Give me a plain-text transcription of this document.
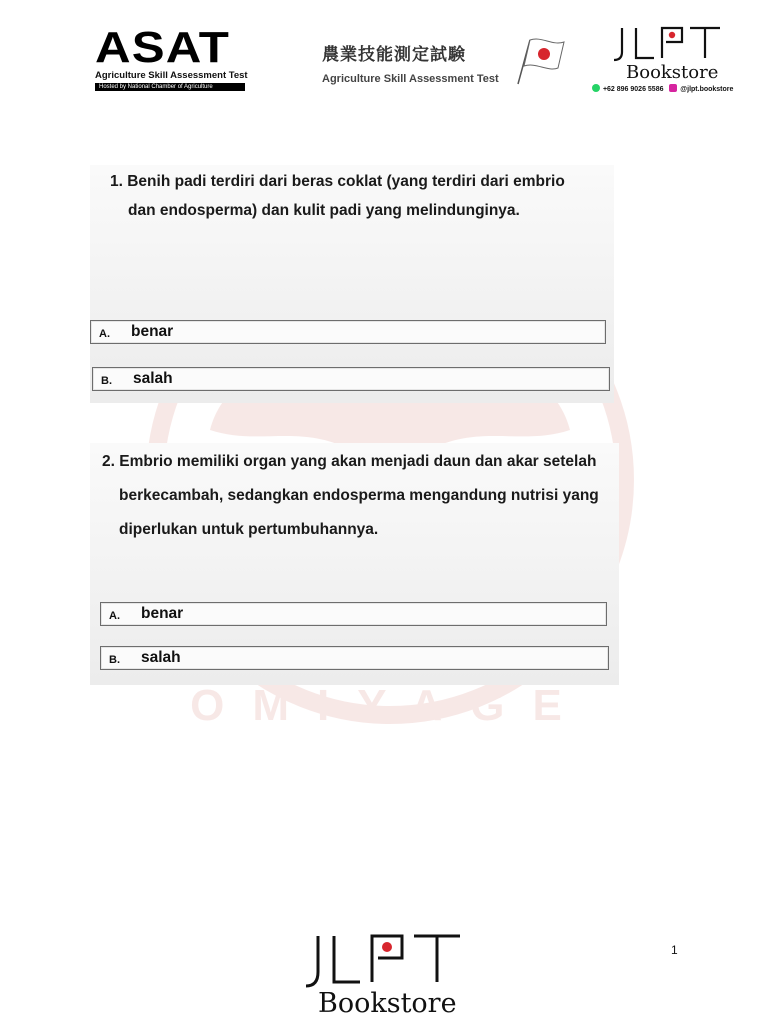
ASAT
Agriculture Skill Assessment Test
Hosted by National Chamber of Agriculture
農業技能測定試験
Agriculture Skill Assessment Test	Bookstore
+62 896 9026 5586 @jlpt.bookstore
OMIYAGE
1. Benih padi terdiri dari beras coklat (yang terdiri dari embrio
dan endosperma) dan kulit padi yang melindunginya.
A. benar
B. salah
2. Embrio memiliki organ yang akan menjadi daun dan akar setelah
berkecambah, sedangkan endosperma mengandung nutrisi yang
diperlukan untuk pertumbuhannya.
A. benar
B. salah
1
Bookstore
